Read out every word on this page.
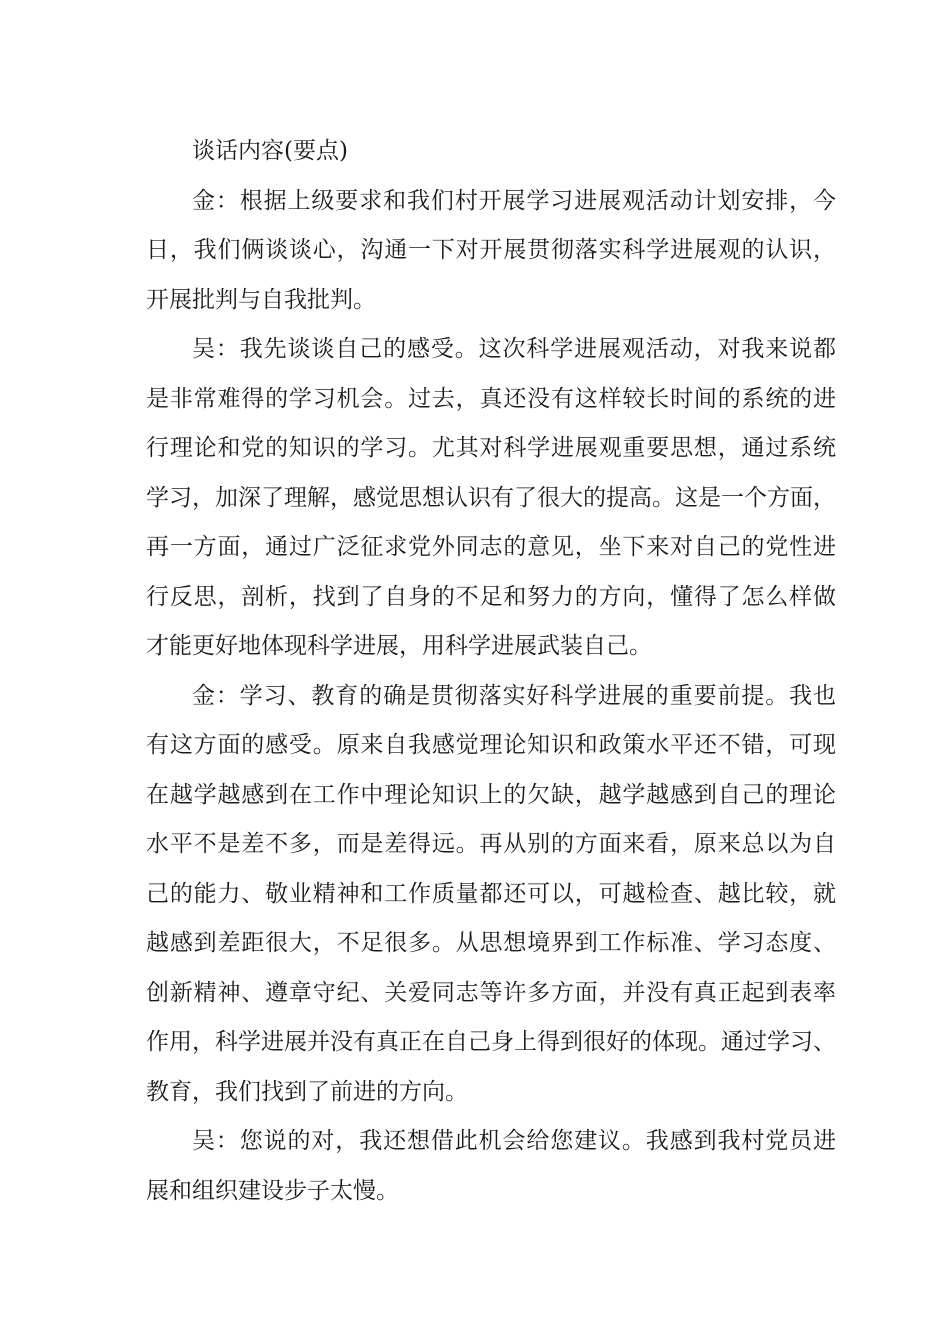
谈话内容(要点)
金：根据上级要求和我们村开展学习进展观活动计划安排，今
日，我们俩谈谈心，沟通一下对开展贯彻落实科学进展观的认识，
开展批判与自我批判。
吴：我先谈谈自己的感受。这次科学进展观活动，对我来说都
是非常难得的学习机会。过去，真还没有这样较长时间的系统的进
行理论和党的知识的学习。尤其对科学进展观重要思想，通过系统
学习，加深了理解，感觉思想认识有了很大的提高。这是一个方面，
再一方面，通过广泛征求党外同志的意见，坐下来对自己的党性进
行反思，剖析，找到了自身的不足和努力的方向，懂得了怎么样做
才能更好地体现科学进展，用科学进展武装自己。
金：学习、教育的确是贯彻落实好科学进展的重要前提。我也
有这方面的感受。原来自我感觉理论知识和政策水平还不错，可现
在越学越感到在工作中理论知识上的欠缺，越学越感到自己的理论
水平不是差不多，而是差得远。再从别的方面来看，原来总以为自
己的能力、敬业精神和工作质量都还可以，可越检查、越比较，就
越感到差距很大，不足很多。从思想境界到工作标准、学习态度、
创新精神、遵章守纪、关爱同志等许多方面，并没有真正起到表率
作用，科学进展并没有真正在自己身上得到很好的体现。通过学习、
教育，我们找到了前进的方向。
吴：您说的对，我还想借此机会给您建议。我感到我村党员进
展和组织建设步子太慢。
